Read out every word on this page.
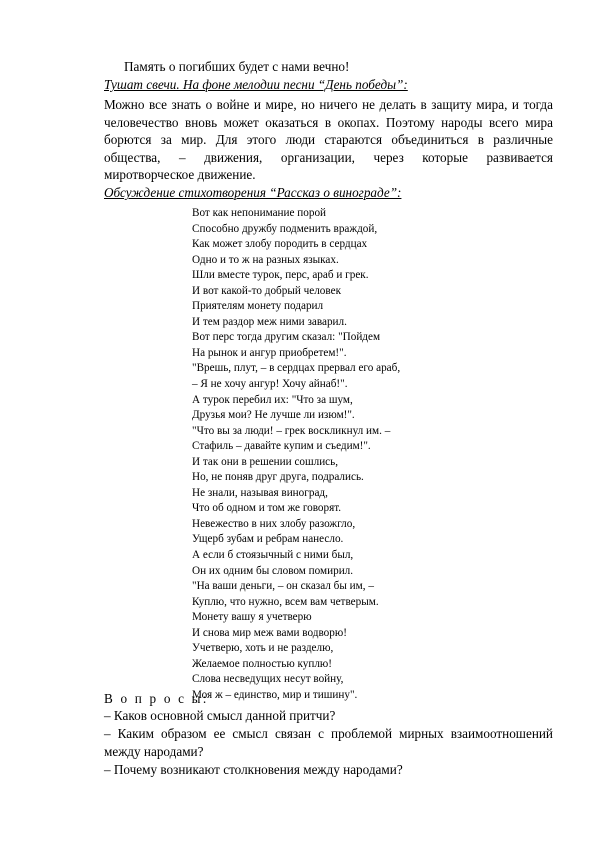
Память о погибших будет с нами вечно!
Тушат свечи. На фоне мелодии песни “День победы”:
Можно все знать о войне и мире, но ничего не делать в защиту мира, и тогда человечество вновь может оказаться в окопах. Поэтому народы всего мира борются за мир. Для этого люди стараются объединиться в различные общества, – движения, организации, через которые развивается миротворческое движение.
Обсуждение стихотворения “Рассказ о винограде”:
Вот как непонимание порой
Способно дружбу подменить враждой,
Как может злобу породить в сердцах
Одно и то ж на разных языках.
Шли вместе турок, перс, араб и грек.
И вот какой-то добрый человек
Приятелям монету подарил
И тем раздор меж ними заварил.
Вот перс тогда другим сказал: "Пойдем
На рынок и ангур приобретем!".
"Врешь, плут, – в сердцах прервал его араб,
– Я не хочу ангур! Хочу айнаб!".
А турок перебил их: "Что за шум,
Друзья мои? Не лучше ли изюм!".
"Что вы за люди! – грек воскликнул им. –
Стафиль – давайте купим и съедим!".
И так они в решении сошлись,
Но, не поняв друг друга, подрались.
Не знали, называя виноград,
Что об одном и том же говорят.
Невежество в них злобу разожгло,
Ущерб зубам и ребрам нанесло.
А если б стоязычный с ними был,
Он их одним бы словом помирил.
"На ваши деньги, – он сказал бы им, –
Куплю, что нужно, всем вам четверым.
Монету вашу я учетверю
И снова мир меж вами водворю!
Учетверю, хоть и не разделю,
Желаемое полностью куплю!
Слова несведущих несут войну,
Моя ж – единство, мир и тишину".
В о п р о с ы:
– Каков основной смысл данной притчи?
– Каким образом ее смысл связан с проблемой мирных взаимоотношений между народами?
– Почему возникают столкновения между народами?
